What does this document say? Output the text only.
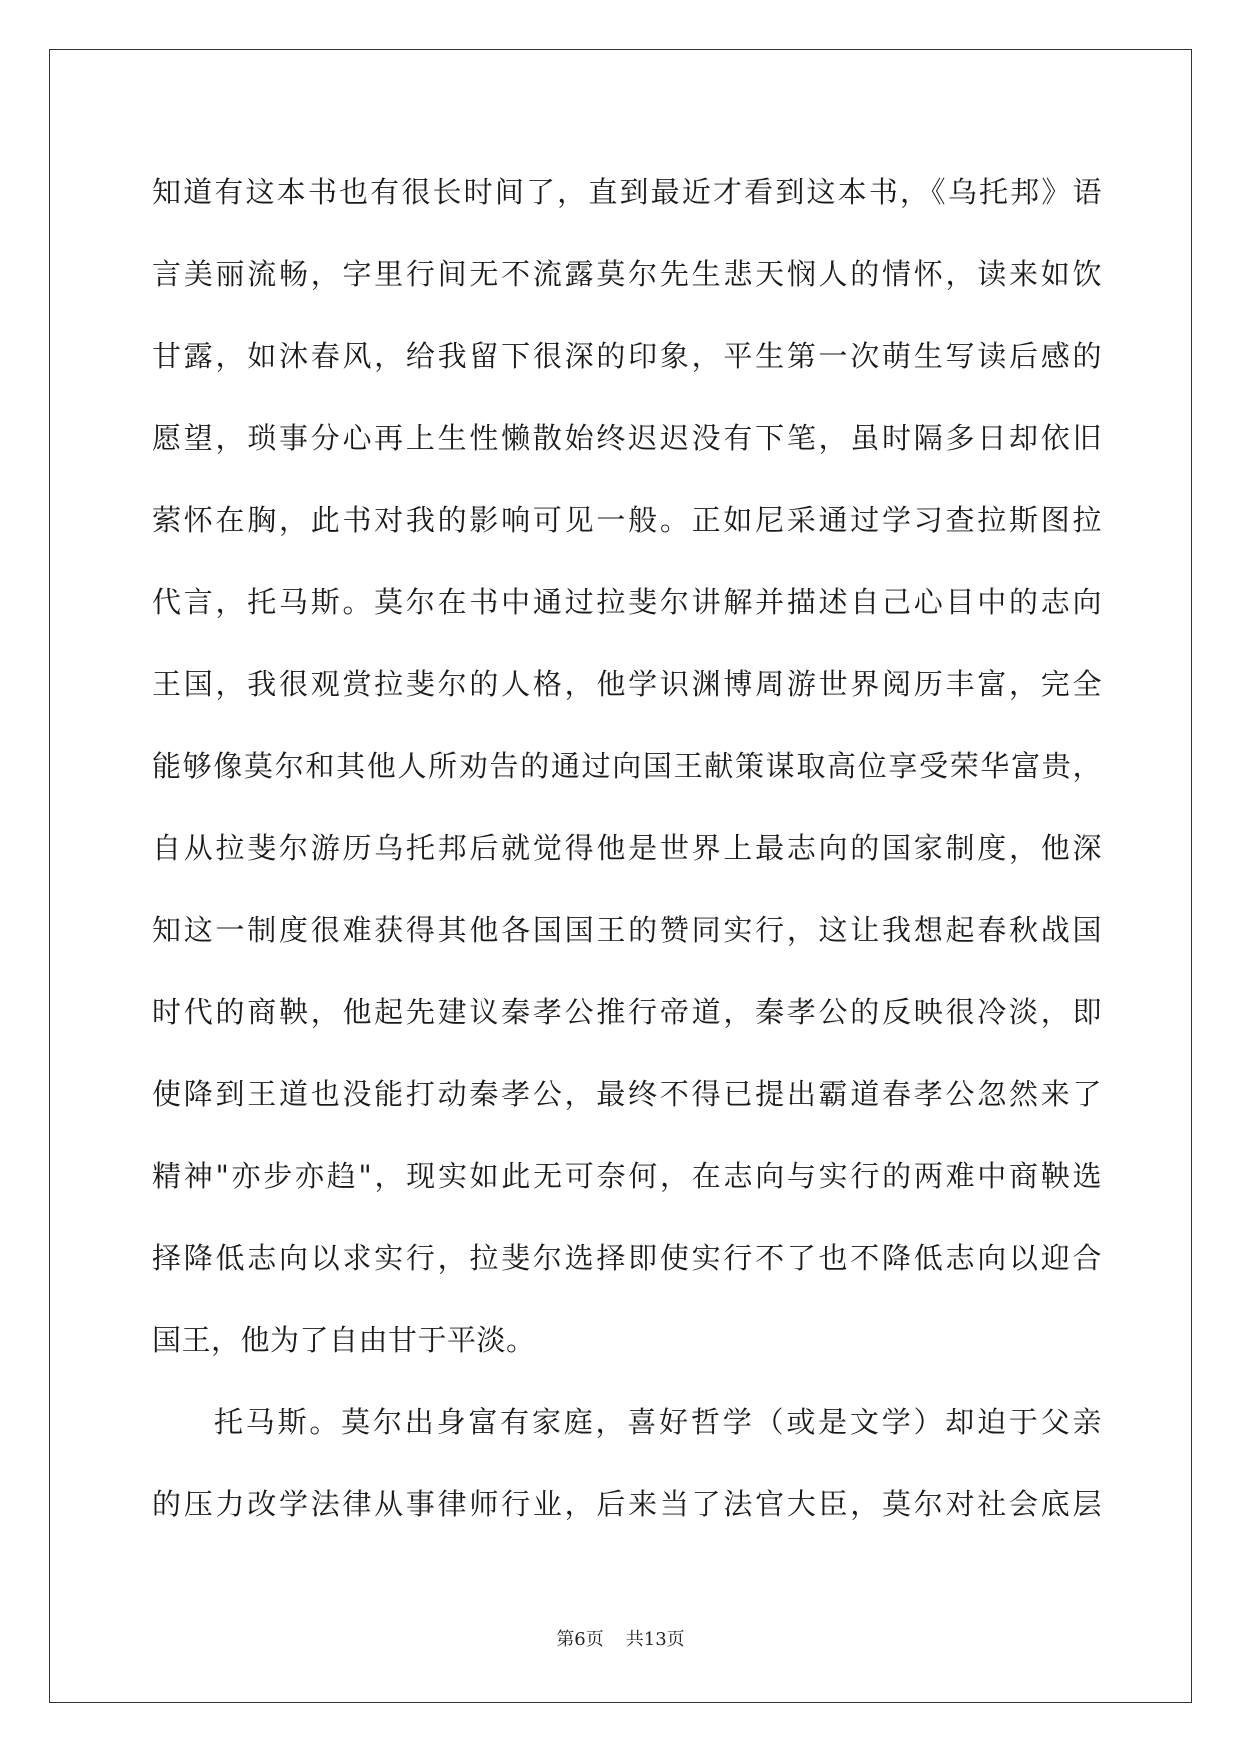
知道有这本书也有很长时间了，直到最近才看到这本书，《乌托邦》语
言美丽流畅，字里行间无不流露莫尔先生悲天悯人的情怀，读来如饮
甘露，如沐春风，给我留下很深的印象，平生第一次萌生写读后感的
愿望，琐事分心再上生性懒散始终迟迟没有下笔，虽时隔多日却依旧
萦怀在胸，此书对我的影响可见一般。正如尼采通过学习查拉斯图拉
代言，托马斯。莫尔在书中通过拉斐尔讲解并描述自己心目中的志向
王国，我很观赏拉斐尔的人格，他学识渊博周游世界阅历丰富，完全
能够像莫尔和其他人所劝告的通过向国王献策谋取高位享受荣华富贵，
自从拉斐尔游历乌托邦后就觉得他是世界上最志向的国家制度，他深
知这一制度很难获得其他各国国王的赞同实行，这让我想起春秋战国
时代的商鞅，他起先建议秦孝公推行帝道，秦孝公的反映很冷淡，即
使降到王道也没能打动秦孝公，最终不得已提出霸道春孝公忽然来了
精神"亦步亦趋"，现实如此无可奈何，在志向与实行的两难中商鞅选
择降低志向以求实行，拉斐尔选择即使实行不了也不降低志向以迎合
国王，他为了自由甘于平淡。
托马斯。莫尔出身富有家庭，喜好哲学（或是文学）却迫于父亲
的压力改学法律从事律师行业，后来当了法官大臣，莫尔对社会底层
第6页 共13页
